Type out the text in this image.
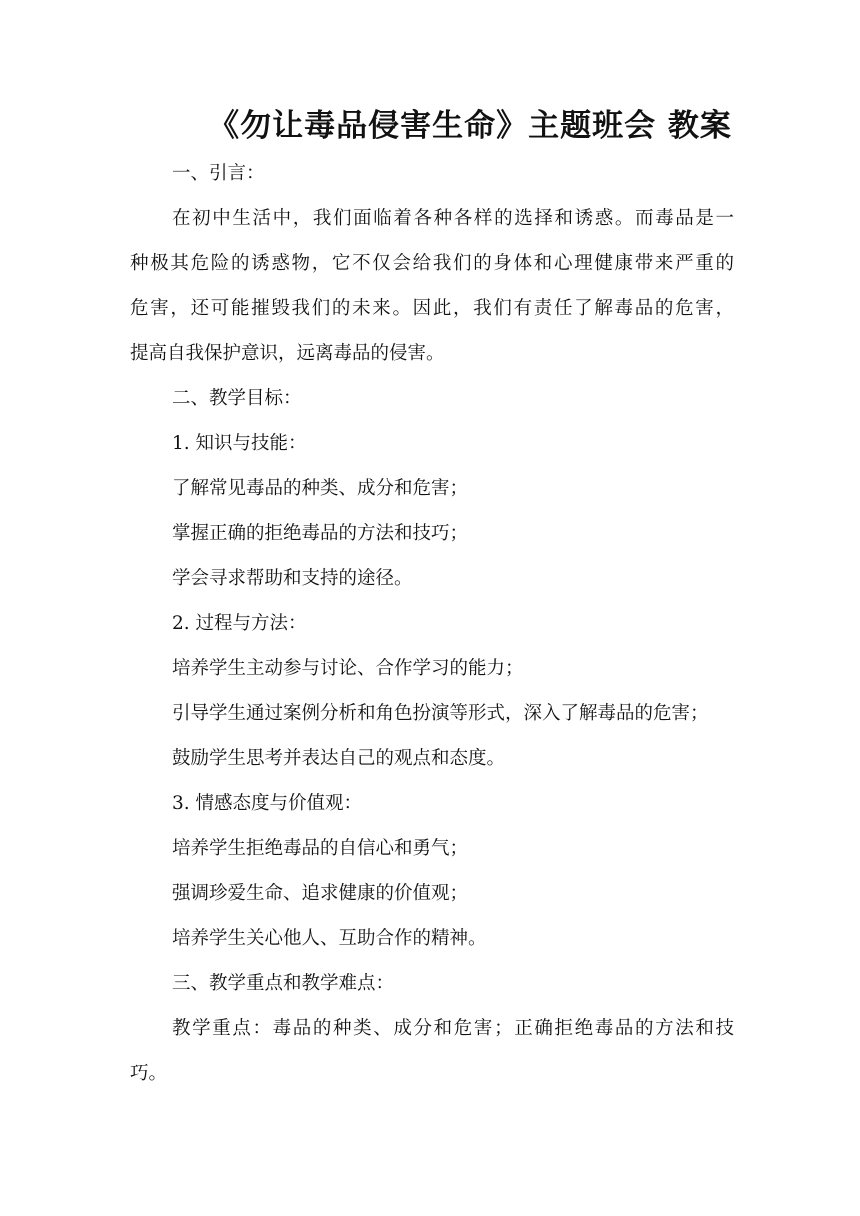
《勿让毒品侵害生命》主题班会 教案

一、引言：

在初中生活中，我们面临着各种各样的选择和诱惑。而毒品是一

种极其危险的诱惑物，它不仅会给我们的身体和心理健康带来严重的

危害，还可能摧毁我们的未来。因此，我们有责任了解毒品的危害，

提高自我保护意识，远离毒品的侵害。

二、教学目标：

1. 知识与技能：

了解常见毒品的种类、成分和危害；

掌握正确的拒绝毒品的方法和技巧；

学会寻求帮助和支持的途径。

2. 过程与方法：

培养学生主动参与讨论、合作学习的能力；

引导学生通过案例分析和角色扮演等形式，深入了解毒品的危害；

鼓励学生思考并表达自己的观点和态度。

3. 情感态度与价值观：

培养学生拒绝毒品的自信心和勇气；

强调珍爱生命、追求健康的价值观；

培养学生关心他人、互助合作的精神。

三、教学重点和教学难点：

教学重点：毒品的种类、成分和危害；正确拒绝毒品的方法和技

巧。
